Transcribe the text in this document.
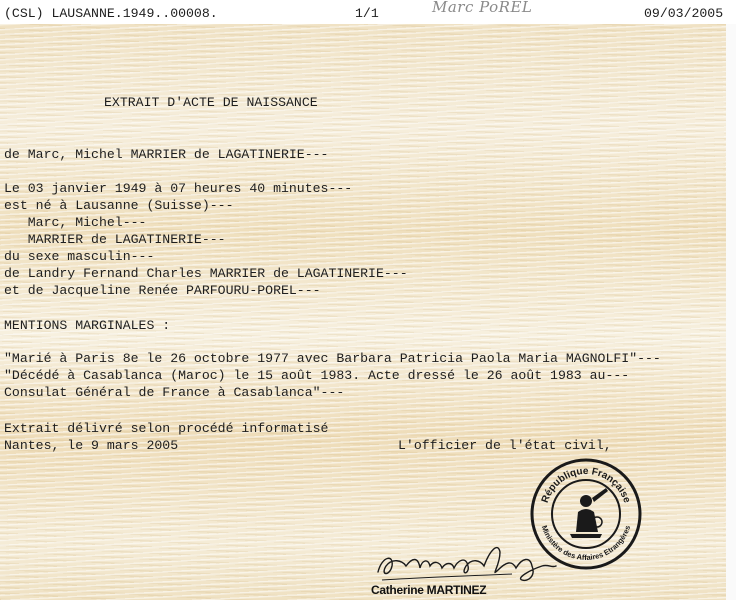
(CSL) LAUSANNE.1949..00008.	1/1	Marc PoREL	09/03/2005
EXTRAIT D'ACTE DE NAISSANCE
de Marc, Michel MARRIER de LAGATINERIE---
Le 03 janvier 1949 à 07 heures 40 minutes---
est né à Lausanne (Suisse)---
Marc, Michel---
MARRIER de LAGATINERIE---
du sexe masculin---
de Landry Fernand Charles MARRIER de LAGATINERIE---
et de Jacqueline Renée PARFOURU-POREL---
MENTIONS MARGINALES :
"Marié à Paris 8e le 26 octobre 1977 avec Barbara Patricia Paola Maria MAGNOLFI"---
"Décédé à Casablanca (Maroc) le 15 août 1983. Acte dressé le 26 août 1983 au---
Consulat Général de France à Casablanca"---
Extrait délivré selon procédé informatisé
Nantes, le 9 mars 2005	L'officier de l'état civil,
République Française
Ministère des Affaires Etrangères
Catherine MARTINEZ
